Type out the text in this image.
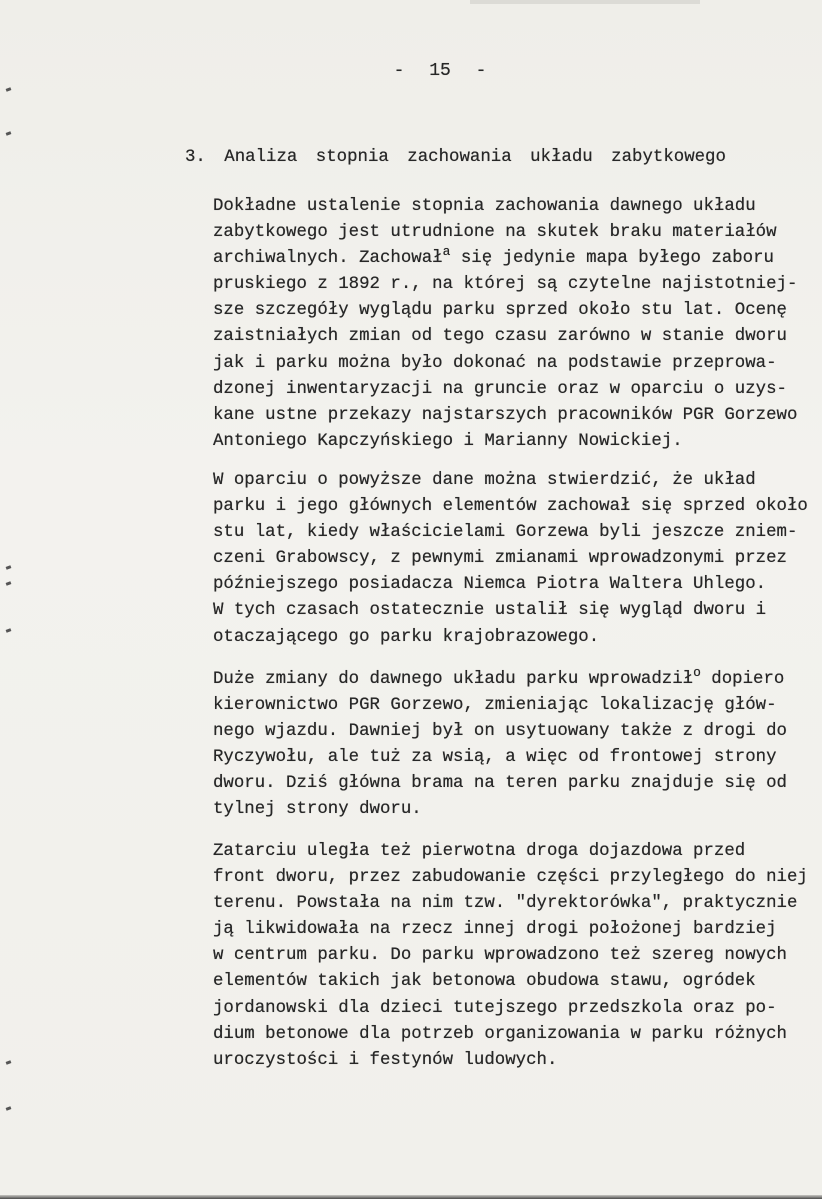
- 15 -
3. Analiza stopnia zachowania układu zabytkowego
Dokładne ustalenie stopnia zachowania dawnego układu
zabytkowego jest utrudnione na skutek braku materiałów
archiwalnych. Zachował$^a$ się jedynie mapa byłego zaboru
pruskiego z 1892 r., na której są czytelne najistotniej-
sze szczegóły wyglądu parku sprzed około stu lat. Ocenę
zaistniałych zmian od tego czasu zarówno w stanie dworu
jak i parku można było dokonać na podstawie przeprowa-
dzonej inwentaryzacji na gruncie oraz w oparciu o uzys-
kane ustne przekazy najstarszych pracowników PGR Gorzewo
Antoniego Kapczyńskiego i Marianny Nowickiej.
W oparciu o powyższe dane można stwierdzić, że układ
parku i jego głównych elementów zachował się sprzed około
stu lat, kiedy właścicielami Gorzewa byli jeszcze zniem-
czeni Grabowscy, z pewnymi zmianami wprowadzonymi przez
późniejszego posiadacza Niemca Piotra Waltera Uhlego.
W tych czasach ostatecznie ustalił się wygląd dworu i
otaczającego go parku krajobrazowego.
Duże zmiany do dawnego układu parku wprowadził$^o$ dopiero
kierownictwo PGR Gorzewo, zmieniając lokalizację głów-
nego wjazdu. Dawniej był on usytuowany także z drogi do
Ryczywołu, ale tuż za wsią, a więc od frontowej strony
dworu. Dziś główna brama na teren parku znajduje się od
tylnej strony dworu.
Zatarciu uległa też pierwotna droga dojazdowa przed
front dworu, przez zabudowanie części przyległego do niej
terenu. Powstała na nim tzw. "dyrektorówka", praktycznie
ją likwidowała na rzecz innej drogi położonej bardziej
w centrum parku. Do parku wprowadzono też szereg nowych
elementów takich jak betonowa obudowa stawu, ogródek
jordanowski dla dzieci tutejszego przedszkola oraz po-
dium betonowe dla potrzeb organizowania w parku różnych
uroczystości i festynów ludowych.
